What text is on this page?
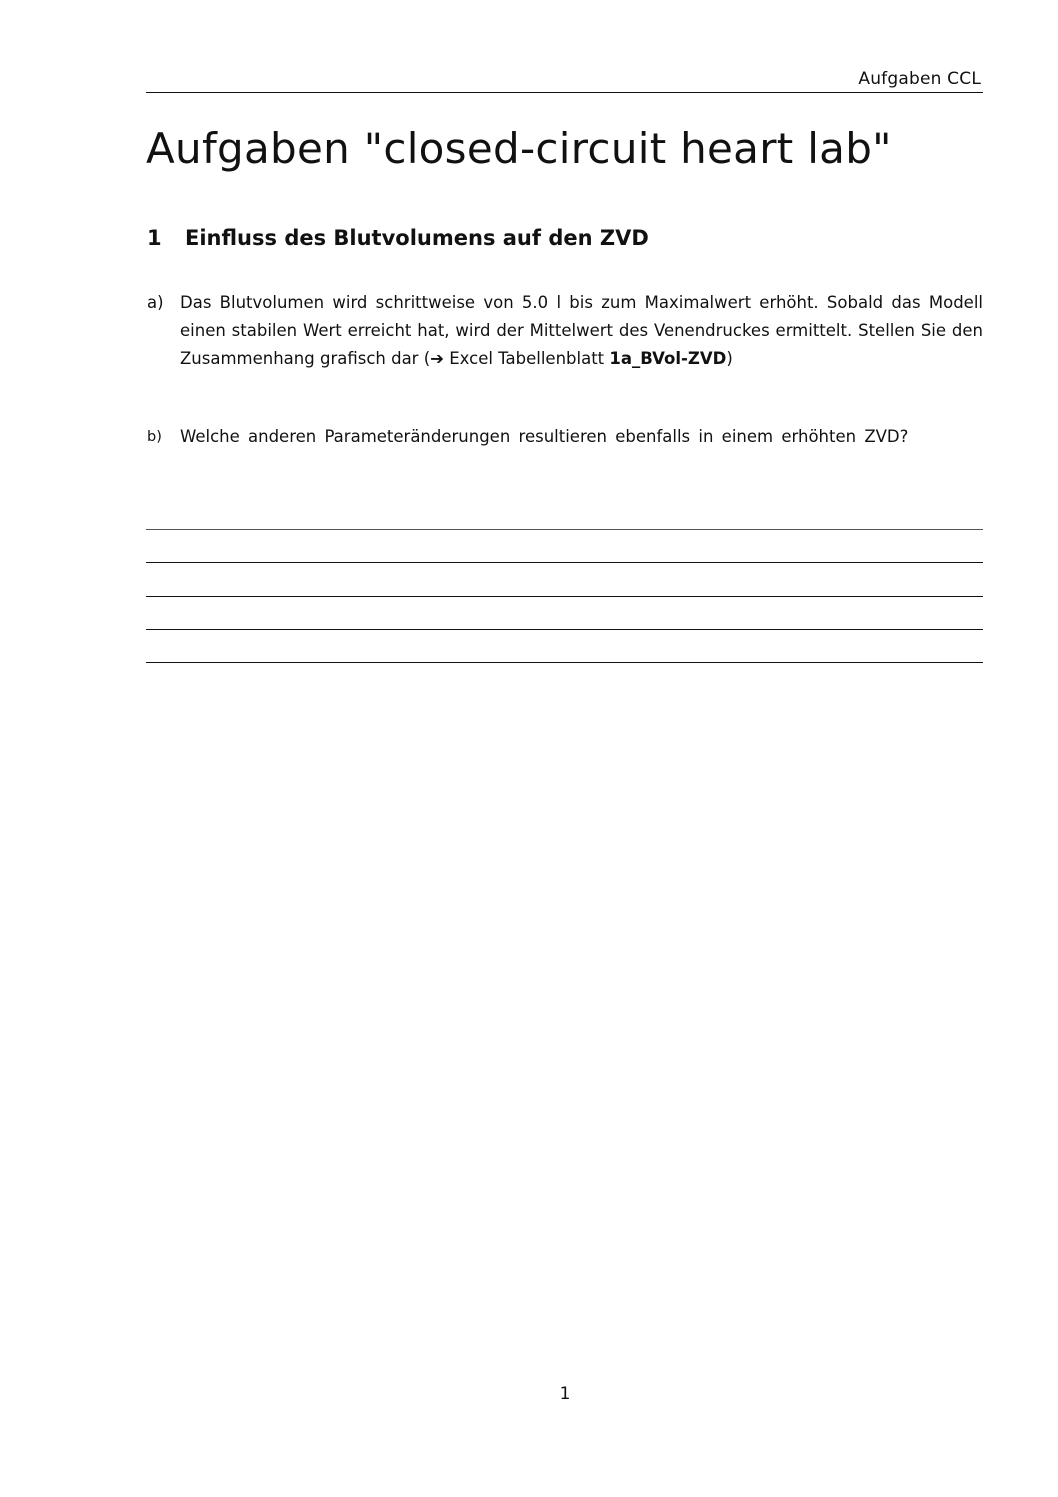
Aufgaben CCL
Aufgaben "closed-circuit heart lab"
1 Einfluss des Blutvolumens auf den ZVD
a) Das Blutvolumen wird schrittweise von 5.0 l bis zum Maximalwert erhöht. Sobald das Modell einen stabilen Wert erreicht hat, wird der Mittelwert des Venendruckes ermittelt. Stellen Sie den Zusammenhang grafisch dar (➔ Excel Tabellenblatt 1a_BVol-ZVD)
b) Welche anderen Parameteränderungen resultieren ebenfalls in einem erhöhten ZVD?
1
